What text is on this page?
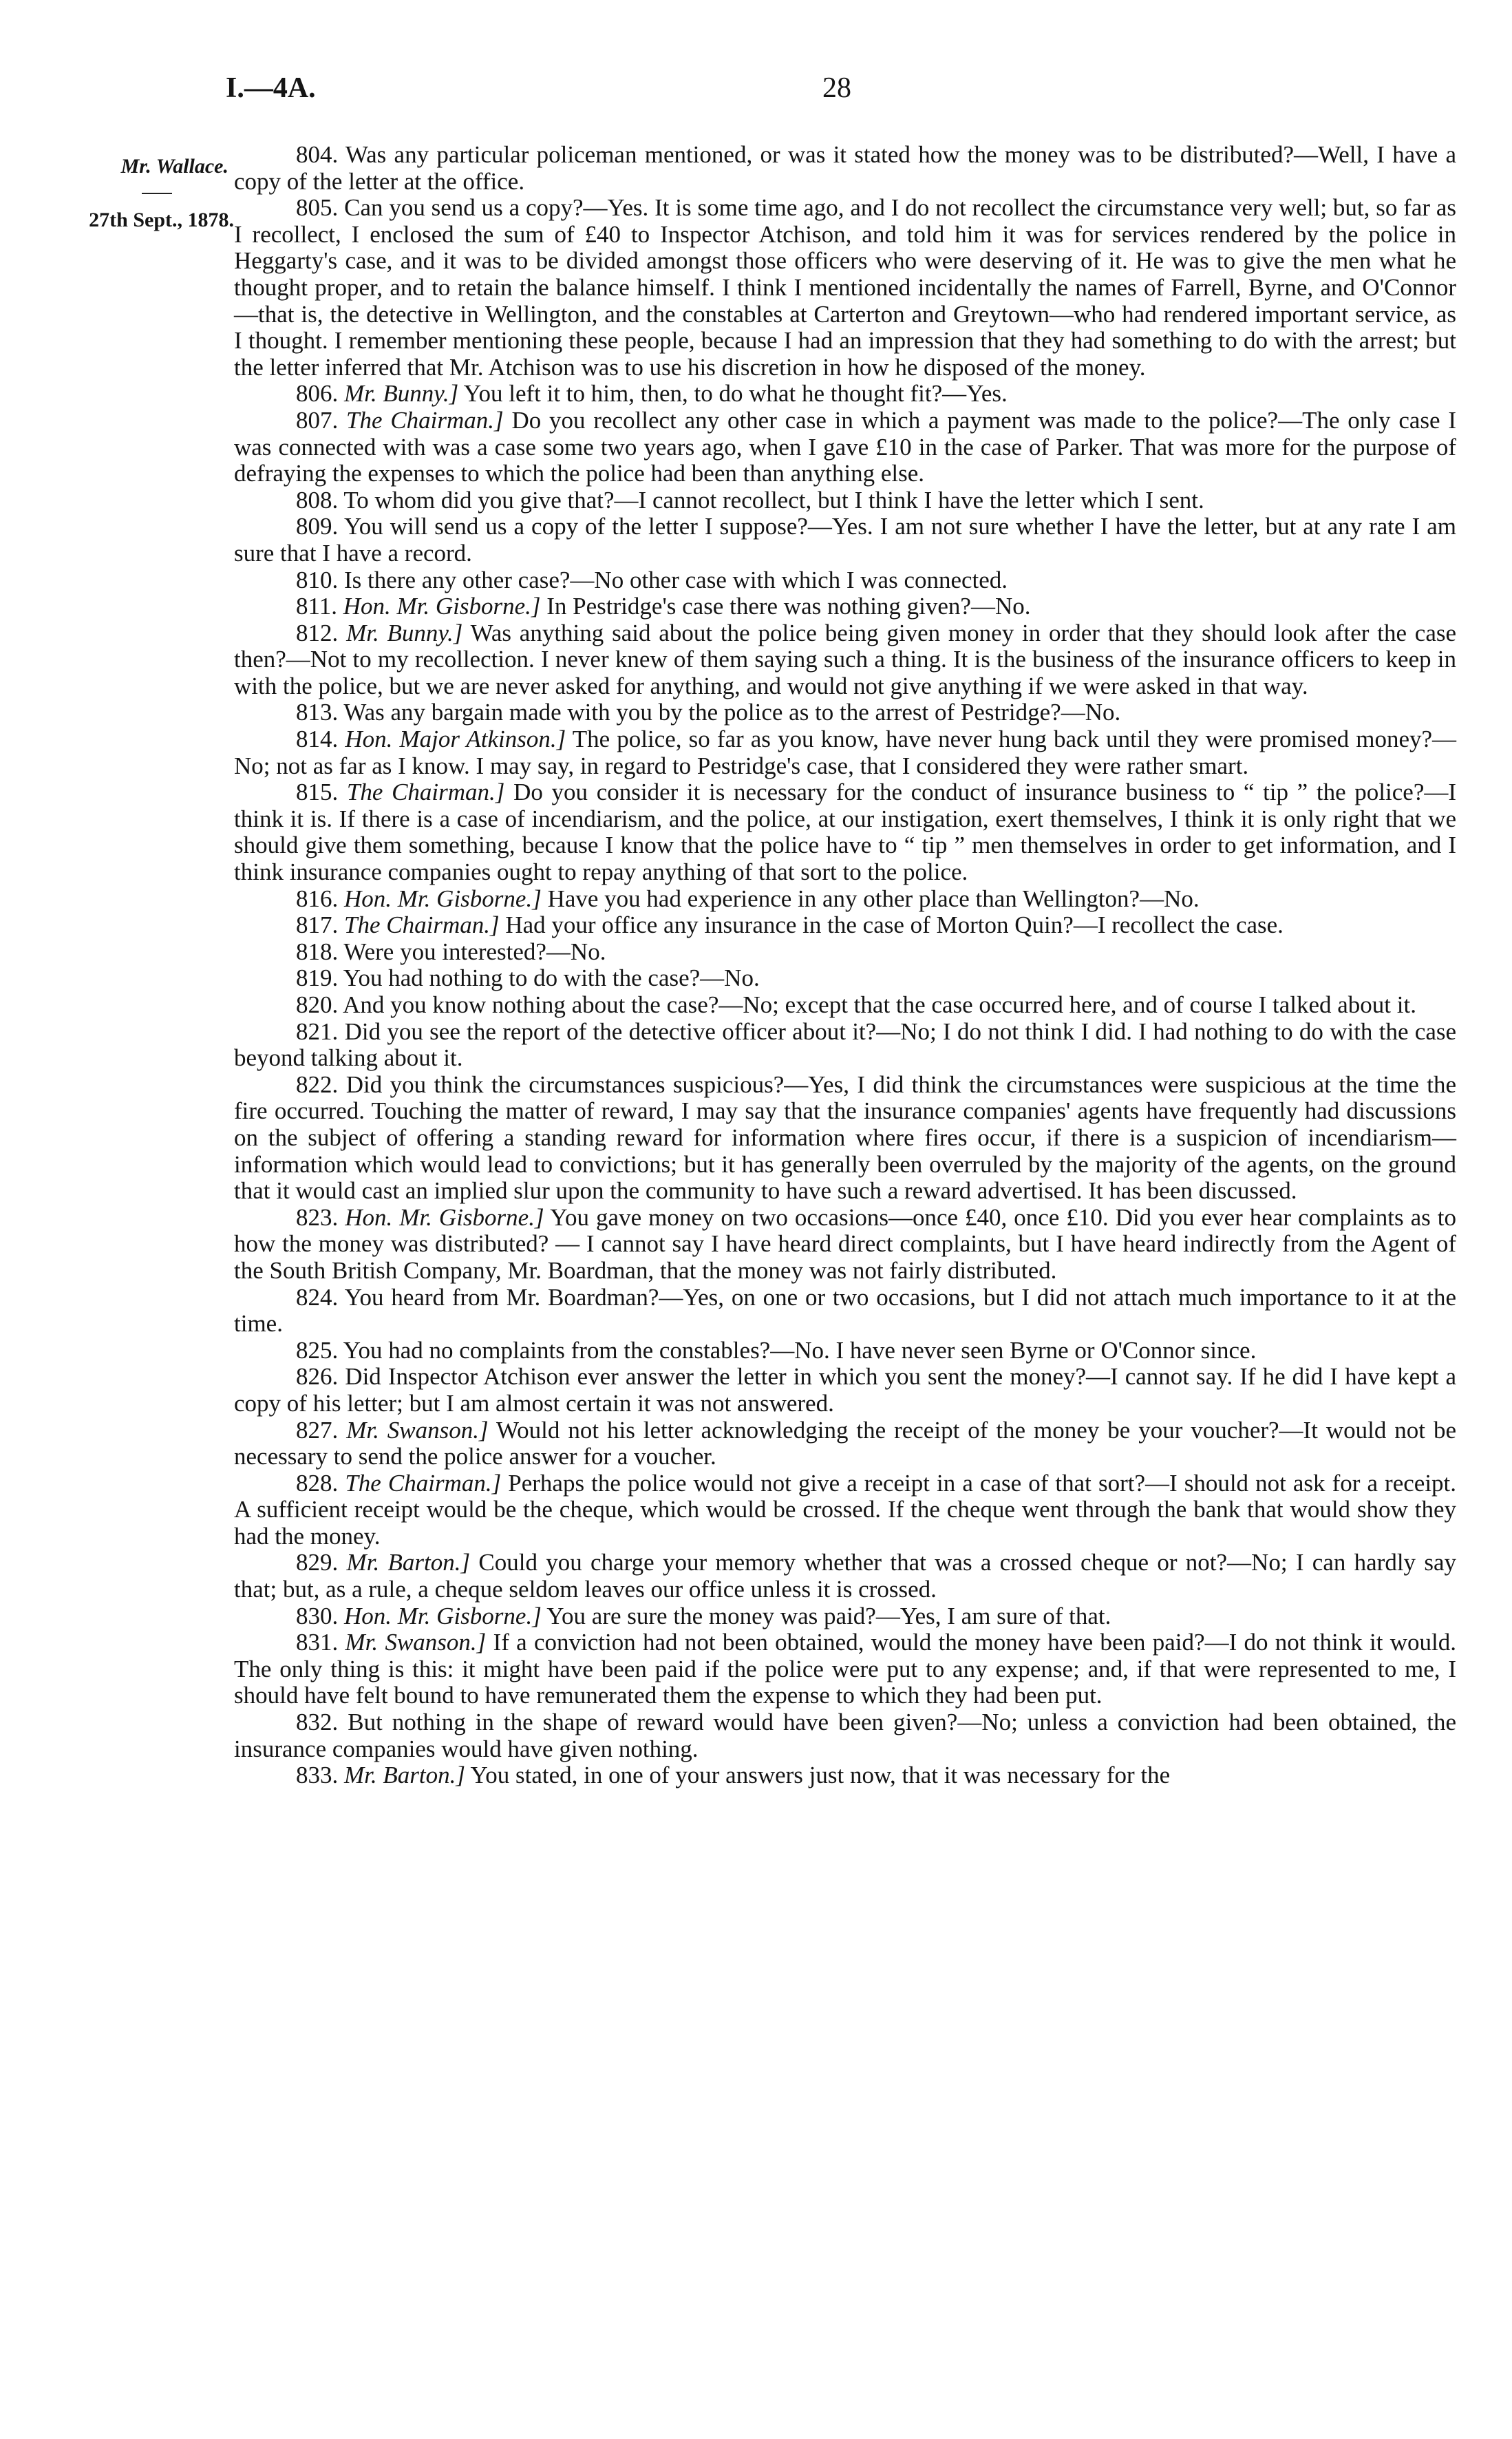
I.—4A.	28
Mr. Wallace.
27th Sept., 1878.

804. Was any particular policeman mentioned, or was it stated how the money was to be distributed?—Well, I have a copy of the letter at the office.

805. Can you send us a copy?—Yes. It is some time ago, and I do not recollect the circumstance very well; but, so far as I recollect, I enclosed the sum of £40 to Inspector Atchison, and told him it was for services rendered by the police in Heggarty's case, and it was to be divided amongst those officers who were deserving of it. He was to give the men what he thought proper, and to retain the balance himself. I think I mentioned incidentally the names of Farrell, Byrne, and O'Connor—that is, the detective in Wellington, and the constables at Carterton and Greytown—who had rendered important service, as I thought. I remember mentioning these people, because I had an impression that they had something to do with the arrest; but the letter inferred that Mr. Atchison was to use his discretion in how he disposed of the money.

806. Mr. Bunny.] You left it to him, then, to do what he thought fit?—Yes.

807. The Chairman.] Do you recollect any other case in which a payment was made to the police?—The only case I was connected with was a case some two years ago, when I gave £10 in the case of Parker. That was more for the purpose of defraying the expenses to which the police had been than anything else.

808. To whom did you give that?—I cannot recollect, but I think I have the letter which I sent.

809. You will send us a copy of the letter I suppose?—Yes. I am not sure whether I have the letter, but at any rate I am sure that I have a record.

810. Is there any other case?—No other case with which I was connected.

811. Hon. Mr. Gisborne.] In Pestridge's case there was nothing given?—No.

812. Mr. Bunny.] Was anything said about the police being given money in order that they should look after the case then?—Not to my recollection. I never knew of them saying such a thing. It is the business of the insurance officers to keep in with the police, but we are never asked for anything, and would not give anything if we were asked in that way.

813. Was any bargain made with you by the police as to the arrest of Pestridge?—No.

814. Hon. Major Atkinson.] The police, so far as you know, have never hung back until they were promised money?—No; not as far as I know. I may say, in regard to Pestridge's case, that I considered they were rather smart.

815. The Chairman.] Do you consider it is necessary for the conduct of insurance business to “ tip ” the police?—I think it is. If there is a case of incendiarism, and the police, at our instigation, exert themselves, I think it is only right that we should give them something, because I know that the police have to “ tip ” men themselves in order to get information, and I think insurance companies ought to repay anything of that sort to the police.

816. Hon. Mr. Gisborne.] Have you had experience in any other place than Wellington?—No.

817. The Chairman.] Had your office any insurance in the case of Morton Quin?—I recollect the case.

818. Were you interested?—No.

819. You had nothing to do with the case?—No.

820. And you know nothing about the case?—No; except that the case occurred here, and of course I talked about it.

821. Did you see the report of the detective officer about it?—No; I do not think I did. I had nothing to do with the case beyond talking about it.

822. Did you think the circumstances suspicious?—Yes, I did think the circumstances were suspicious at the time the fire occurred. Touching the matter of reward, I may say that the insurance companies' agents have frequently had discussions on the subject of offering a standing reward for information where fires occur, if there is a suspicion of incendiarism—information which would lead to convictions; but it has generally been overruled by the majority of the agents, on the ground that it would cast an implied slur upon the community to have such a reward advertised. It has been discussed.

823. Hon. Mr. Gisborne.] You gave money on two occasions—once £40, once £10. Did you ever hear complaints as to how the money was distributed? — I cannot say I have heard direct complaints, but I have heard indirectly from the Agent of the South British Company, Mr. Boardman, that the money was not fairly distributed.

824. You heard from Mr. Boardman?—Yes, on one or two occasions, but I did not attach much importance to it at the time.

825. You had no complaints from the constables?—No. I have never seen Byrne or O'Connor since.

826. Did Inspector Atchison ever answer the letter in which you sent the money?—I cannot say. If he did I have kept a copy of his letter; but I am almost certain it was not answered.

827. Mr. Swanson.] Would not his letter acknowledging the receipt of the money be your voucher?—It would not be necessary to send the police answer for a voucher.

828. The Chairman.] Perhaps the police would not give a receipt in a case of that sort?—I should not ask for a receipt. A sufficient receipt would be the cheque, which would be crossed. If the cheque went through the bank that would show they had the money.

829. Mr. Barton.] Could you charge your memory whether that was a crossed cheque or not?—No; I can hardly say that; but, as a rule, a cheque seldom leaves our office unless it is crossed.

830. Hon. Mr. Gisborne.] You are sure the money was paid?—Yes, I am sure of that.

831. Mr. Swanson.] If a conviction had not been obtained, would the money have been paid?—I do not think it would. The only thing is this: it might have been paid if the police were put to any expense; and, if that were represented to me, I should have felt bound to have remunerated them the expense to which they had been put.

832. But nothing in the shape of reward would have been given?—No; unless a conviction had been obtained, the insurance companies would have given nothing.

833. Mr. Barton.] You stated, in one of your answers just now, that it was necessary for the
